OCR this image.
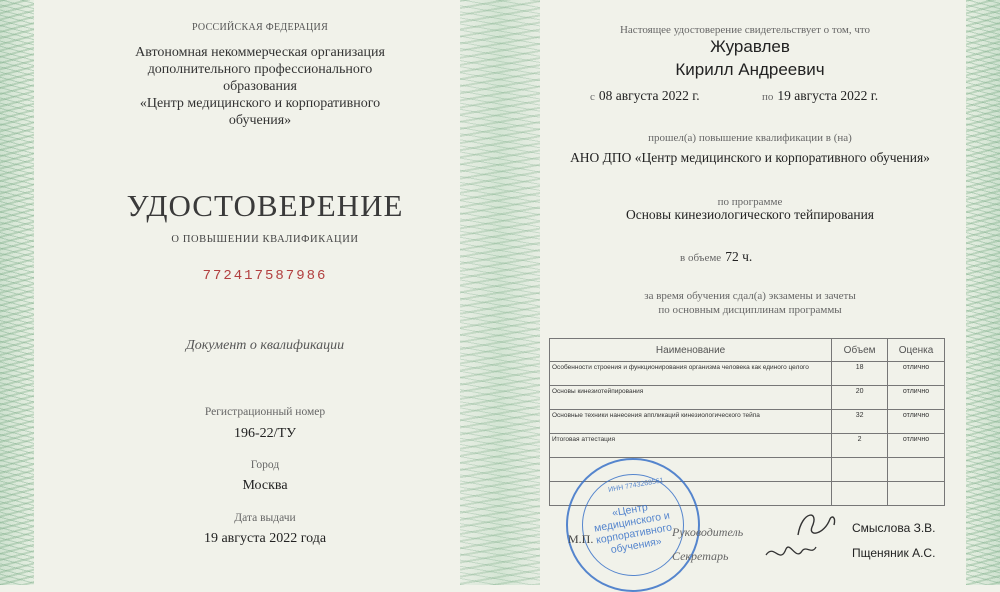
РОССИЙСКАЯ ФЕДЕРАЦИЯ
Автономная некоммерческая организация
дополнительного профессионального
образования
«Центр медицинского и корпоративного
обучения»
УДОСТОВЕРЕНИЕ
О ПОВЫШЕНИИ КВАЛИФИКАЦИИ
772417587986
Документ о квалификации
Регистрационный номер
196-22/ТУ
Город
Москва
Дата выдачи
19 августа 2022 года
Настоящее удостоверение свидетельствует о том, что
Журавлев
Кирилл Андреевич
с 08 августа 2022 г.	по 19 августа 2022 г.
прошел(а) повышение квалификации в (на)
АНО ДПО «Центр медицинского и корпоративного обучения»
по программе
Основы кинезиологического тейпирования
в объеме 72 ч.
за время обучения сдал(а) экзамены и зачеты
по основным дисциплинам программы
Наименование	Объем	Оценка
Особенности строения и функционирования организма человека как единого целого	18	отлично
Основы кинезиотейпирования	20	отлично
Основные техники нанесения аппликаций кинезиологического тейпа	32	отлично
Итоговая аттестация	2	отлично

ИНН 7743268561
«Центр медицинского и корпоративного обучения»
М.П.	Руководитель
Секретарь
Смыслова З.В.
Пщеняник А.С.
